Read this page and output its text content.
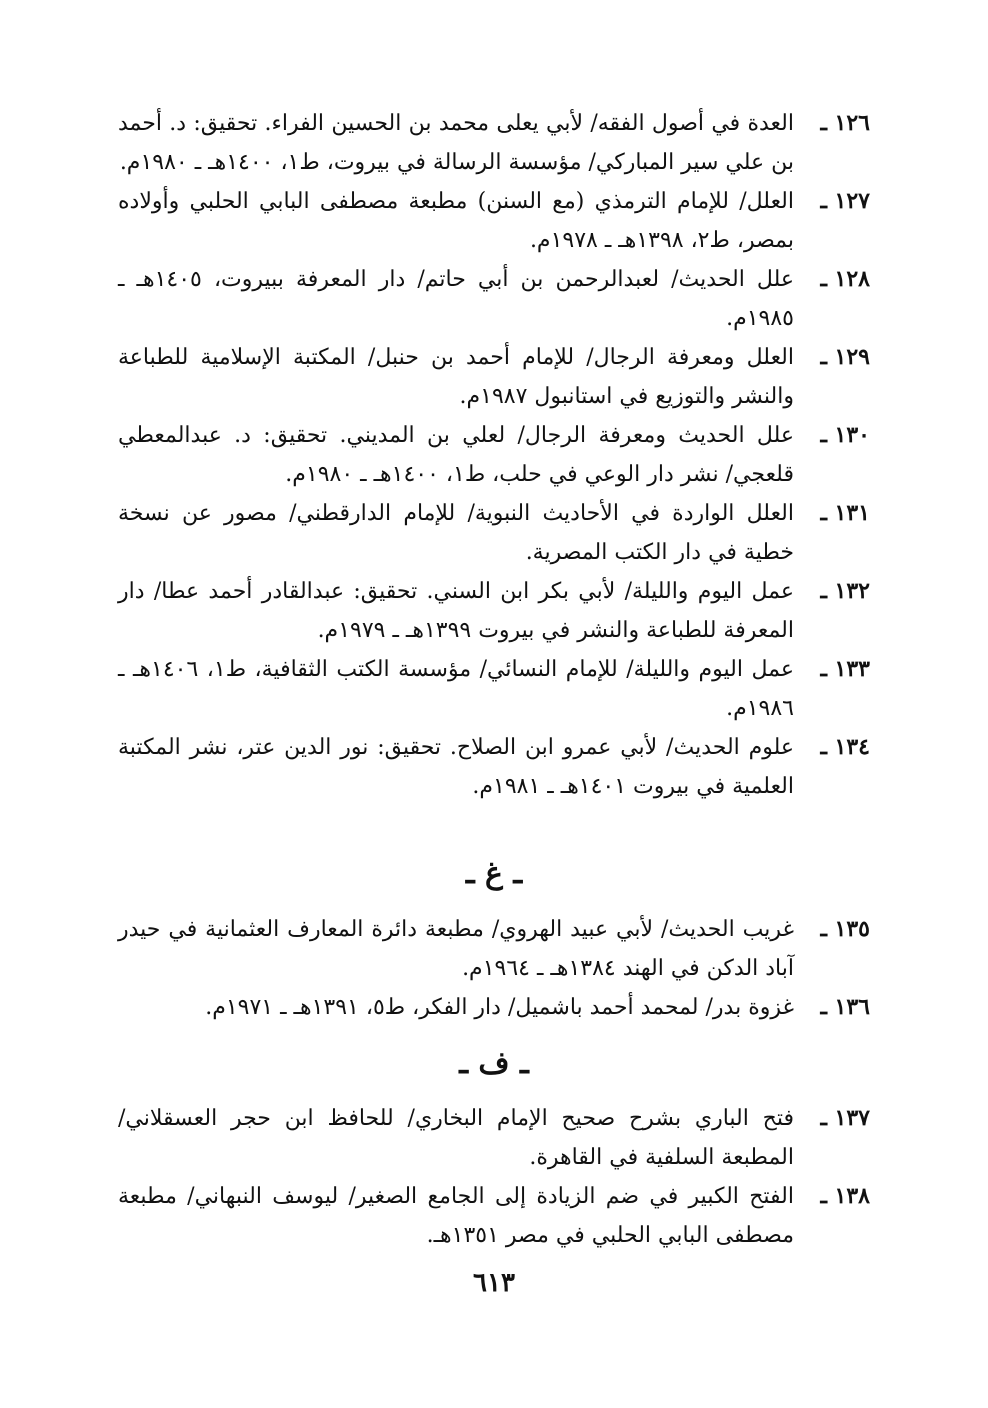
١٢٦ ـ
العدة في أصول الفقه/ لأبي يعلى محمد بن الحسين الفراء. تحقيق: د. أحمد بن علي سير المباركي/ مؤسسة الرسالة في بيروت، ط١، ١٤٠٠هـ ـ ١٩٨٠م.
١٢٧ ـ
العلل/ للإمام الترمذي (مع السنن) مطبعة مصطفى البابي الحلبي وأولاده بمصر، ط٢، ١٣٩٨هـ ـ ١٩٧٨م.
١٢٨ ـ
علل الحديث/ لعبدالرحمن بن أبي حاتم/ دار المعرفة ببيروت، ١٤٠٥هـ ـ ١٩٨٥م.
١٢٩ ـ
العلل ومعرفة الرجال/ للإمام أحمد بن حنبل/ المكتبة الإسلامية للطباعة والنشر والتوزيع في استانبول ١٩٨٧م.
١٣٠ ـ
علل الحديث ومعرفة الرجال/ لعلي بن المديني. تحقيق: د. عبدالمعطي قلعجي/ نشر دار الوعي في حلب، ط١، ١٤٠٠هـ ـ ١٩٨٠م.
١٣١ ـ
العلل الواردة في الأحاديث النبوية/ للإمام الدارقطني/ مصور عن نسخة خطية في دار الكتب المصرية.
١٣٢ ـ
عمل اليوم والليلة/ لأبي بكر ابن السني. تحقيق: عبدالقادر أحمد عطا/ دار المعرفة للطباعة والنشر في بيروت ١٣٩٩هـ ـ ١٩٧٩م.
١٣٣ ـ
عمل اليوم والليلة/ للإمام النسائي/ مؤسسة الكتب الثقافية، ط١، ١٤٠٦هـ ـ ١٩٨٦م.
١٣٤ ـ
علوم الحديث/ لأبي عمرو ابن الصلاح. تحقيق: نور الدين عتر، نشر المكتبة العلمية في بيروت ١٤٠١هـ ـ ١٩٨١م.
ـ غ ـ
١٣٥ ـ
غريب الحديث/ لأبي عبيد الهروي/ مطبعة دائرة المعارف العثمانية في حيدر آباد الدكن في الهند ١٣٨٤هـ ـ ١٩٦٤م.
١٣٦ ـ
غزوة بدر/ لمحمد أحمد باشميل/ دار الفكر، ط٥، ١٣٩١هـ ـ ١٩٧١م.
ـ ف ـ
١٣٧ ـ
فتح الباري بشرح صحيح الإمام البخاري/ للحافظ ابن حجر العسقلاني/ المطبعة السلفية في القاهرة.
١٣٨ ـ
الفتح الكبير في ضم الزيادة إلى الجامع الصغير/ ليوسف النبهاني/ مطبعة مصطفى البابي الحلبي في مصر ١٣٥١هـ.
٦١٣
